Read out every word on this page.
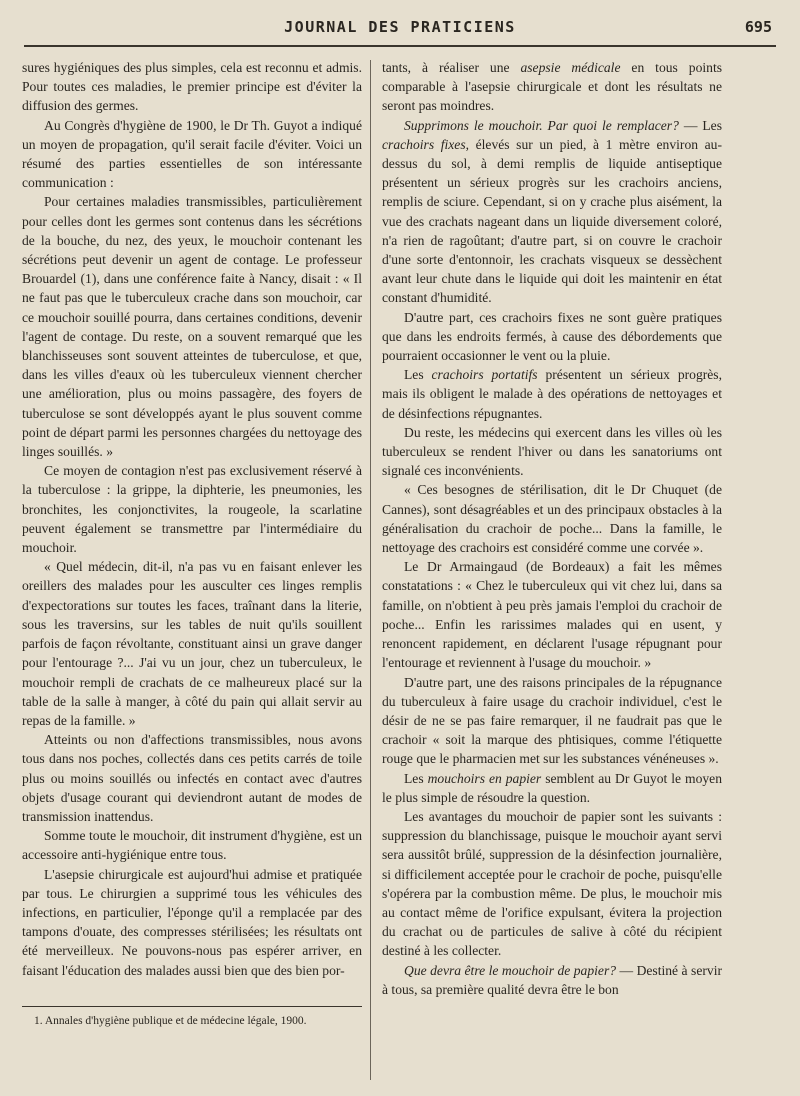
JOURNAL DES PRATICIENS	695

sures hygiéniques des plus simples, cela est reconnu et admis. Pour toutes ces maladies, le premier principe est d'éviter la diffusion des germes.

Au Congrès d'hygiène de 1900, le Dr Th. Guyot a indiqué un moyen de propagation, qu'il serait facile d'éviter. Voici un résumé des parties essentielles de son intéressante communication :

Pour certaines maladies transmissibles, particulièrement pour celles dont les germes sont contenus dans les sécrétions de la bouche, du nez, des yeux, le mouchoir contenant les sécrétions peut devenir un agent de contage. Le professeur Brouardel (1), dans une conférence faite à Nancy, disait : « Il ne faut pas que le tuberculeux crache dans son mouchoir, car ce mouchoir souillé pourra, dans certaines conditions, devenir l'agent de contage. Du reste, on a souvent remarqué que les blanchisseuses sont souvent atteintes de tuberculose, et que, dans les villes d'eaux où les tuberculeux viennent chercher une amélioration, plus ou moins passagère, des foyers de tuberculose se sont développés ayant le plus souvent comme point de départ parmi les personnes chargées du nettoyage des linges souillés. »

Ce moyen de contagion n'est pas exclusivement réservé à la tuberculose : la grippe, la diphterie, les pneumonies, les bronchites, les conjonctivites, la rougeole, la scarlatine peuvent également se transmettre par l'intermédiaire du mouchoir.

« Quel médecin, dit-il, n'a pas vu en faisant enlever les oreillers des malades pour les ausculter ces linges remplis d'expectorations sur toutes les faces, traînant dans la literie, sous les traversins, sur les tables de nuit qu'ils souillent parfois de façon révoltante, constituant ainsi un grave danger pour l'entourage ?... J'ai vu un jour, chez un tuberculeux, le mouchoir rempli de crachats de ce malheureux placé sur la table de la salle à manger, à côté du pain qui allait servir au repas de la famille. »

Atteints ou non d'affections transmissibles, nous avons tous dans nos poches, collectés dans ces petits carrés de toile plus ou moins souillés ou infectés en contact avec d'autres objets d'usage courant qui deviendront autant de modes de transmission inattendus.

Somme toute le mouchoir, dit instrument d'hygiène, est un accessoire anti-hygiénique entre tous.

L'asepsie chirurgicale est aujourd'hui admise et pratiquée par tous. Le chirurgien a supprimé tous les véhicules des infections, en particulier, l'éponge qu'il a remplacée par des tampons d'ouate, des compresses stérilisées; les résultats ont été merveilleux. Ne pouvons-nous pas espérer arriver, en faisant l'éducation des malades aussi bien que des bien por-

tants, à réaliser une asepsie médicale en tous points comparable à l'asepsie chirurgicale et dont les résultats ne seront pas moindres.

Supprimons le mouchoir. Par quoi le remplacer? — Les crachoirs fixes, élevés sur un pied, à 1 mètre environ au-dessus du sol, à demi remplis de liquide antiseptique présentent un sérieux progrès sur les crachoirs anciens, remplis de sciure. Cependant, si on y crache plus aisément, la vue des crachats nageant dans un liquide diversement coloré, n'a rien de ragoûtant; d'autre part, si on couvre le crachoir d'une sorte d'entonnoir, les crachats visqueux se dessèchent avant leur chute dans le liquide qui doit les maintenir en état constant d'humidité.

D'autre part, ces crachoirs fixes ne sont guère pratiques que dans les endroits fermés, à cause des débordements que pourraient occasionner le vent ou la pluie.

Les crachoirs portatifs présentent un sérieux progrès, mais ils obligent le malade à des opérations de nettoyages et de désinfections répugnantes.

Du reste, les médecins qui exercent dans les villes où les tuberculeux se rendent l'hiver ou dans les sanatoriums ont signalé ces inconvénients.

« Ces besognes de stérilisation, dit le Dr Chuquet (de Cannes), sont désagréables et un des principaux obstacles à la généralisation du crachoir de poche... Dans la famille, le nettoyage des crachoirs est considéré comme une corvée ».

Le Dr Armaingaud (de Bordeaux) a fait les mêmes constatations : « Chez le tuberculeux qui vit chez lui, dans sa famille, on n'obtient à peu près jamais l'emploi du crachoir de poche... Enfin les rarissimes malades qui en usent, y renoncent rapidement, en déclarent l'usage répugnant pour l'entourage et reviennent à l'usage du mouchoir. »

D'autre part, une des raisons principales de la répugnance du tuberculeux à faire usage du crachoir individuel, c'est le désir de ne se pas faire remarquer, il ne faudrait pas que le crachoir « soit la marque des phtisiques, comme l'étiquette rouge que le pharmacien met sur les substances vénéneuses ».

Les mouchoirs en papier semblent au Dr Guyot le moyen le plus simple de résoudre la question.

Les avantages du mouchoir de papier sont les suivants : suppression du blanchissage, puisque le mouchoir ayant servi sera aussitôt brûlé, suppression de la désinfection journalière, si difficilement acceptée pour le crachoir de poche, puisqu'elle s'opérera par la combustion même. De plus, le mouchoir mis au contact même de l'orifice expulsant, évitera la projection du crachat ou de particules de salive à côté du récipient destiné à les collecter.

Que devra être le mouchoir de papier? — Destiné à servir à tous, sa première qualité devra être le bon

1. Annales d'hygiène publique et de médecine légale, 1900.
